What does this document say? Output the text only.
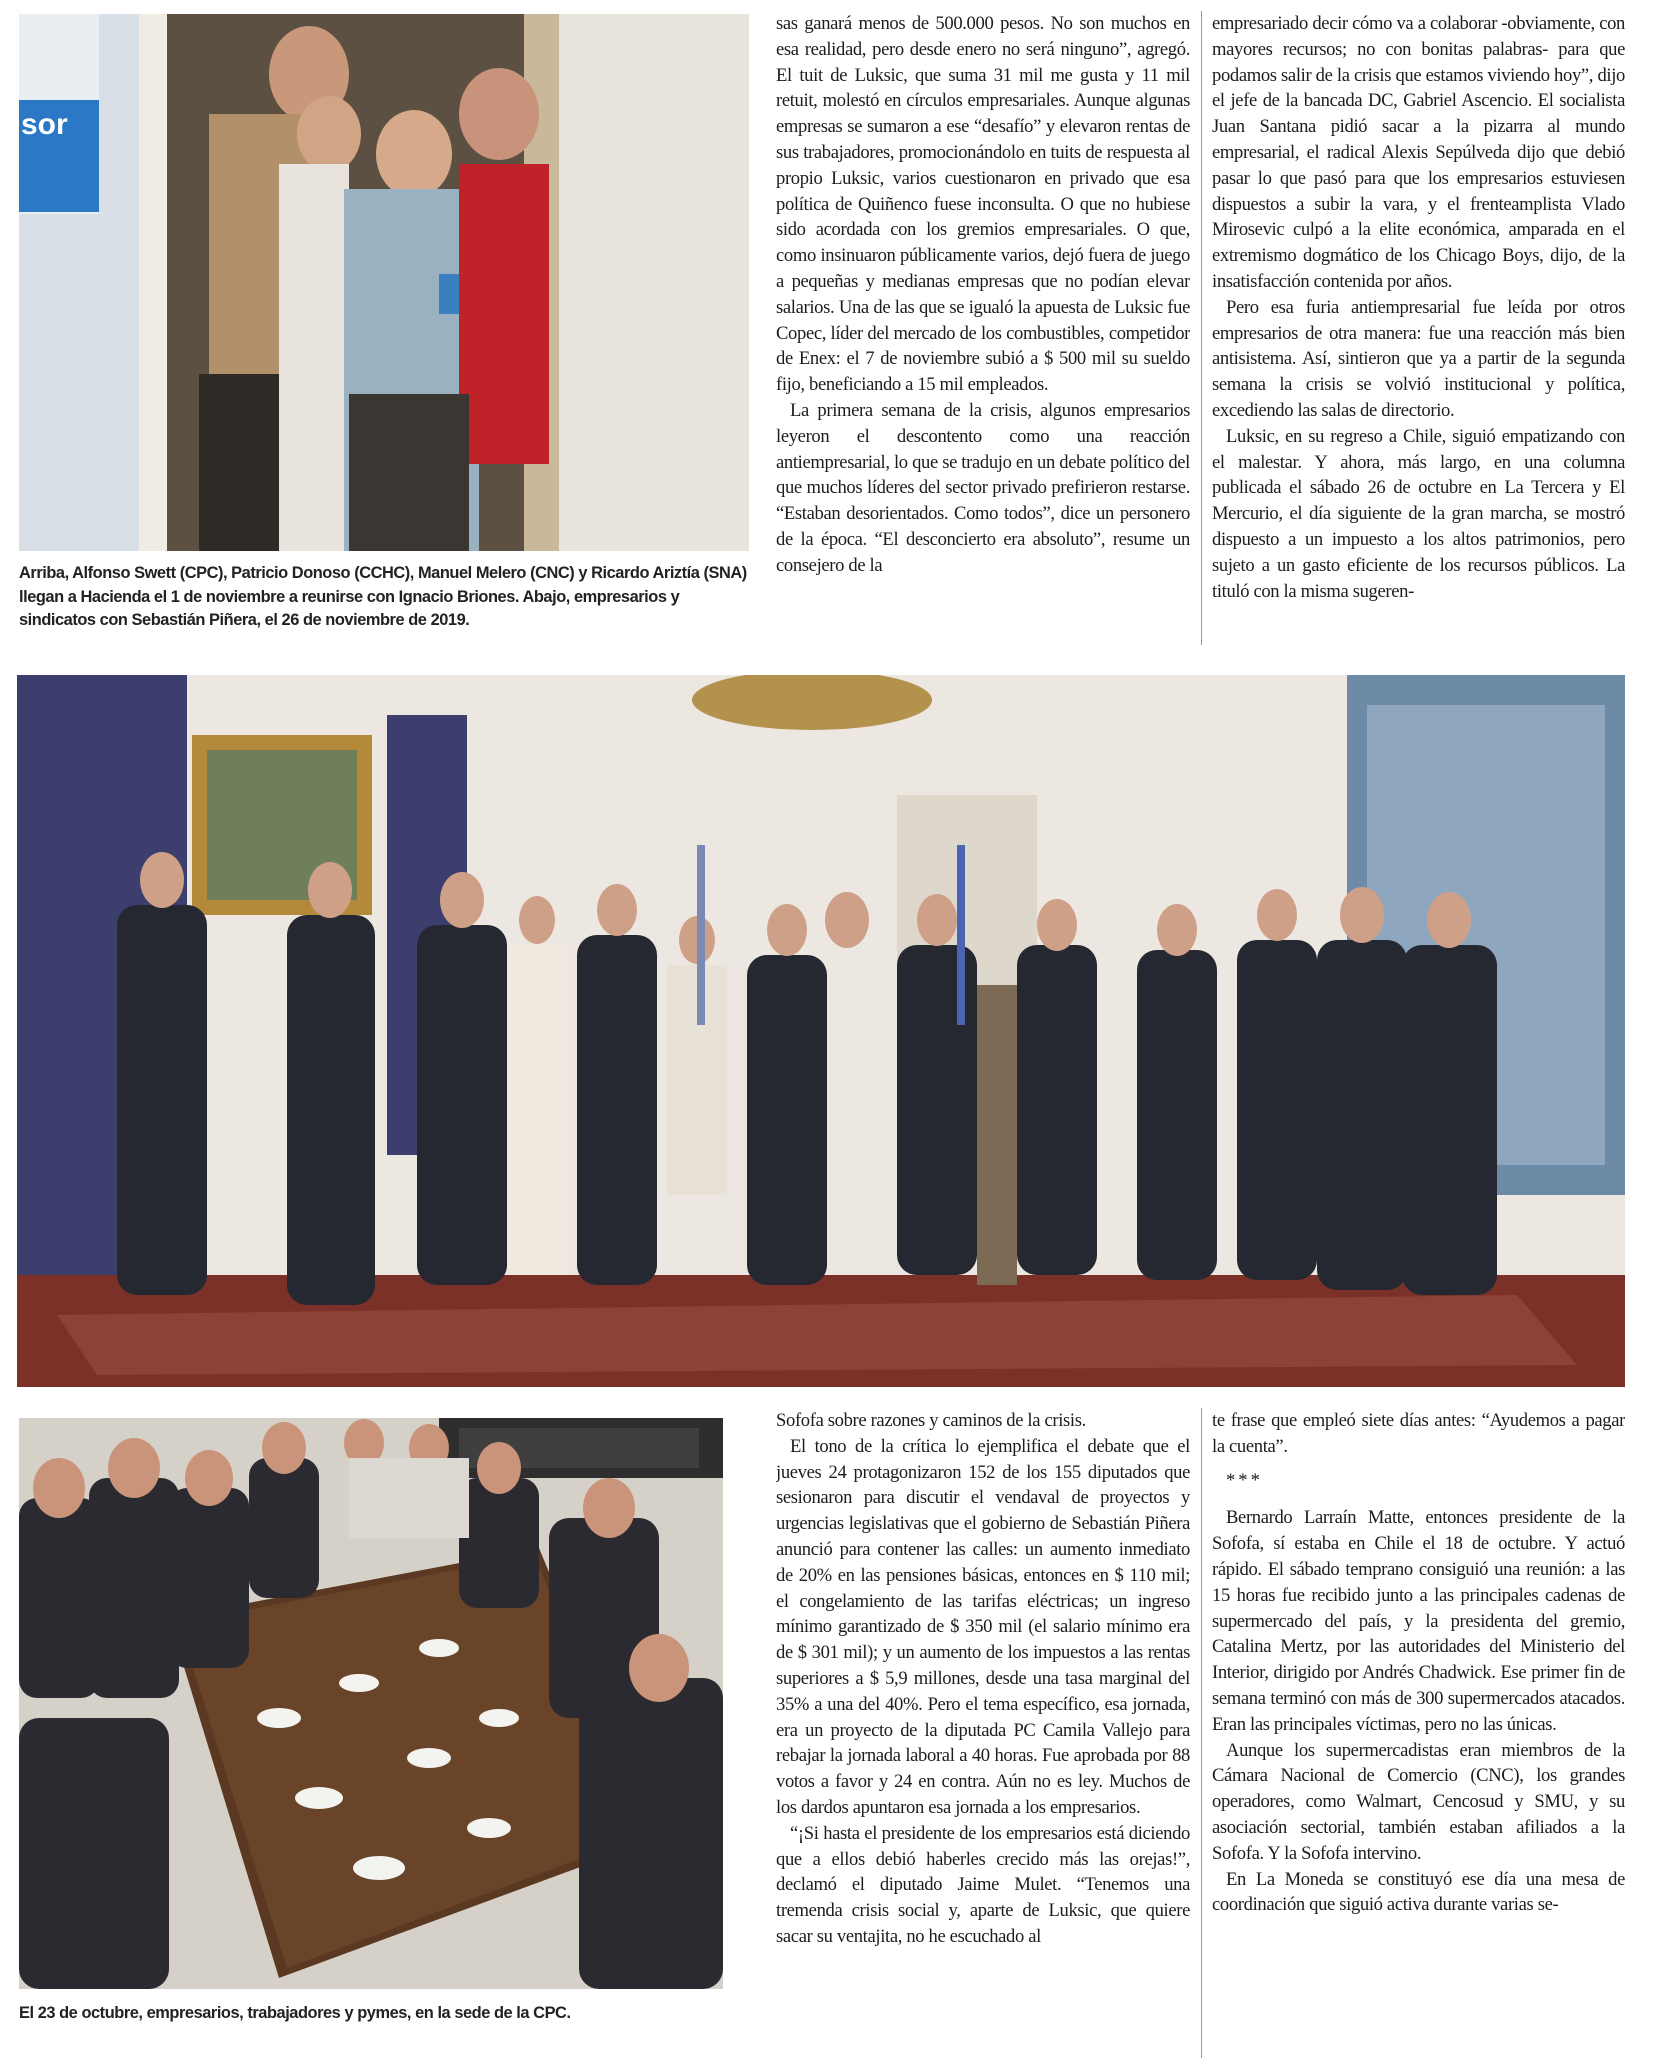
sor

Arriba, Alfonso Swett (CPC), Patricio Donoso (CCHC), Manuel Melero (CNC) y Ricardo Ariztía (SNA) llegan a Hacienda el 1 de noviembre a reunirse con Ignacio Briones. Abajo, empresarios y sindicatos con Sebastián Piñera, el 26 de noviembre de 2019.

sas ganará menos de 500.000 pesos. No son muchos en esa realidad, pero desde enero no será ninguno”, agregó. El tuit de Luksic, que suma 31 mil me gusta y 11 mil retuit, molestó en círculos empresariales. Aunque algunas empresas se sumaron a ese “desafío” y elevaron rentas de sus trabajadores, promocionándolo en tuits de respuesta al propio Luksic, varios cuestionaron en privado que esa política de Quiñenco fuese inconsulta. O que no hubiese sido acordada con los gremios empresariales. O que, como insinuaron públicamente varios, dejó fuera de juego a pequeñas y medianas empresas que no podían elevar salarios. Una de las que se igualó la apuesta de Luksic fue Copec, líder del mercado de los combustibles, competidor de Enex: el 7 de noviembre subió a $ 500 mil su sueldo fijo, beneficiando a 15 mil empleados.

La primera semana de la crisis, algunos empresarios leyeron el descontento como una reacción antiempresarial, lo que se tradujo en un debate político del que muchos líderes del sector privado prefirieron restarse. “Estaban desorientados. Como todos”, dice un personero de la época. “El desconcierto era absoluto”, resume un consejero de la

empresariado decir cómo va a colaborar -obviamente, con mayores recursos; no con bonitas palabras- para que podamos salir de la crisis que estamos viviendo hoy”, dijo el jefe de la bancada DC, Gabriel Ascencio. El socialista Juan Santana pidió sacar a la pizarra al mundo empresarial, el radical Alexis Sepúlveda dijo que debió pasar lo que pasó para que los empresarios estuviesen dispuestos a subir la vara, y el frenteamplista Vlado Mirosevic culpó a la elite económica, amparada en el extremismo dogmático de los Chicago Boys, dijo, de la insatisfacción contenida por años.

Pero esa furia antiempresarial fue leída por otros empresarios de otra manera: fue una reacción más bien antisistema. Así, sintieron que ya a partir de la segunda semana la crisis se volvió institucional y política, excediendo las salas de directorio.

Luksic, en su regreso a Chile, siguió empatizando con el malestar. Y ahora, más largo, en una columna publicada el sábado 26 de octubre en La Tercera y El Mercurio, el día siguiente de la gran marcha, se mostró dispuesto a un impuesto a los altos patrimonios, pero sujeto a un gasto eficiente de los recursos públicos. La tituló con la misma sugeren-

El 23 de octubre, empresarios, trabajadores y pymes, en la sede de la CPC.

Sofofa sobre razones y caminos de la crisis.

El tono de la crítica lo ejemplifica el debate que el jueves 24 protagonizaron 152 de los 155 diputados que sesionaron para discutir el vendaval de proyectos y urgencias legislativas que el gobierno de Sebastián Piñera anunció para contener las calles: un aumento inmediato de 20% en las pensiones básicas, entonces en $ 110 mil; el congelamiento de las tarifas eléctricas; un ingreso mínimo garantizado de $ 350 mil (el salario mínimo era de $ 301 mil); y un aumento de los impuestos a las rentas superiores a $ 5,9 millones, desde una tasa marginal del 35% a una del 40%. Pero el tema específico, esa jornada, era un proyecto de la diputada PC Camila Vallejo para rebajar la jornada laboral a 40 horas. Fue aprobada por 88 votos a favor y 24 en contra. Aún no es ley. Muchos de los dardos apuntaron esa jornada a los empresarios.

“¡Si hasta el presidente de los empresarios está diciendo que a ellos debió haberles crecido más las orejas!”, declamó el diputado Jaime Mulet. “Tenemos una tremenda crisis social y, aparte de Luksic, que quiere sacar su ventajita, no he escuchado al

te frase que empleó siete días antes: “Ayudemos a pagar la cuenta”.

***

Bernardo Larraín Matte, entonces presidente de la Sofofa, sí estaba en Chile el 18 de octubre. Y actuó rápido. El sábado temprano consiguió una reunión: a las 15 horas fue recibido junto a las principales cadenas de supermercado del país, y la presidenta del gremio, Catalina Mertz, por las autoridades del Ministerio del Interior, dirigido por Andrés Chadwick. Ese primer fin de semana terminó con más de 300 supermercados atacados. Eran las principales víctimas, pero no las únicas.

Aunque los supermercadistas eran miembros de la Cámara Nacional de Comercio (CNC), los grandes operadores, como Walmart, Cencosud y SMU, y su asociación sectorial, también estaban afiliados a la Sofofa. Y la Sofofa intervino.

En La Moneda se constituyó ese día una mesa de coordinación que siguió activa durante varias se-
